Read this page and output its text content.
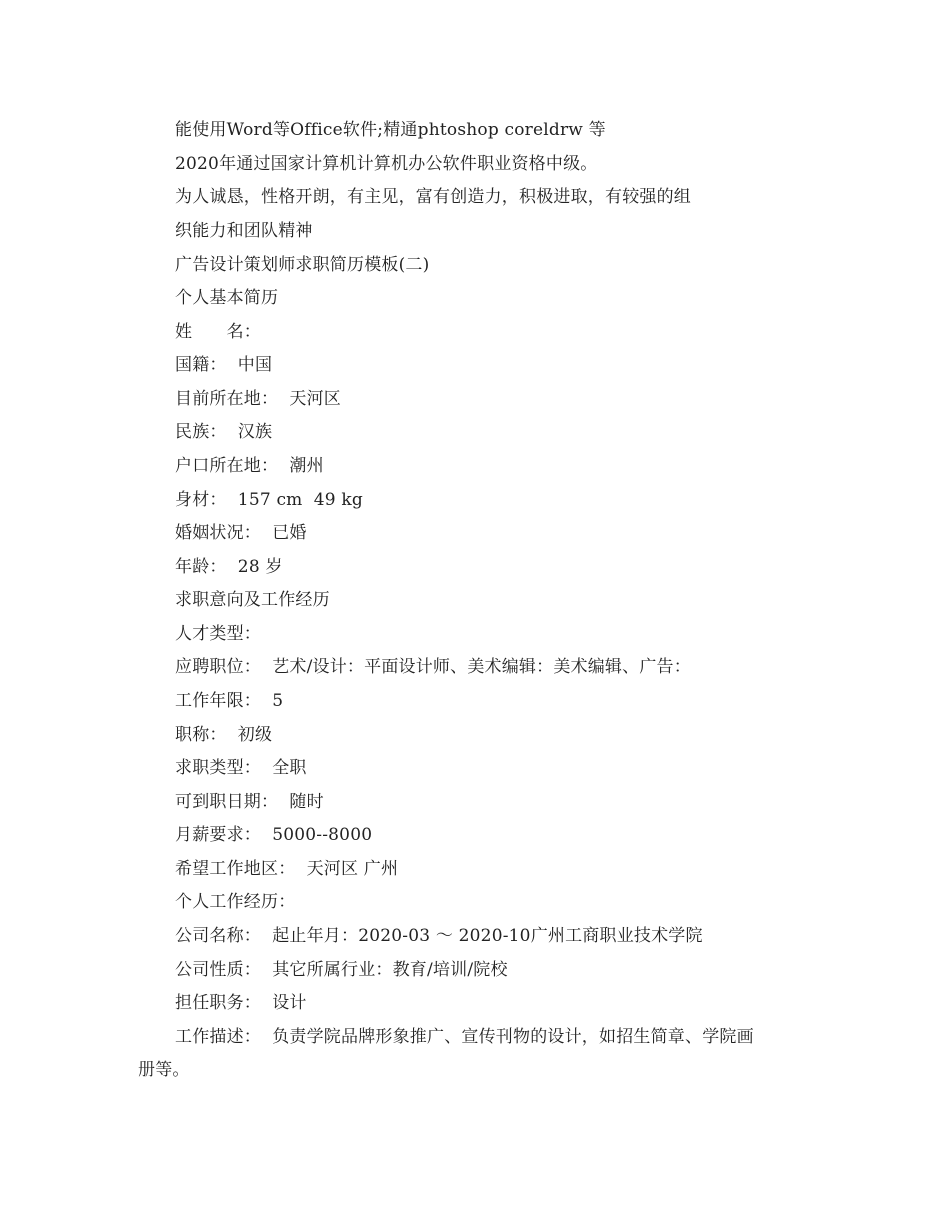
能使用Word等Office软件;精通phtoshop coreldrw 等
2020年通过国家计算机计算机办公软件职业资格中级。
为人诚恳，性格开朗，有主见，富有创造力，积极进取，有较强的组
织能力和团队精神
广告设计策划师求职简历模板(二)
个人基本简历
姓　　名：
国籍：  中国
目前所在地：  天河区
民族：  汉族
户口所在地：  潮州
身材：  157 cm  49 kg
婚姻状况：  已婚
年龄：  28 岁
求职意向及工作经历
人才类型：
应聘职位：  艺术/设计：平面设计师、美术编辑：美术编辑、广告：
工作年限：  5
职称：  初级
求职类型：  全职
可到职日期：  随时
月薪要求：  5000--8000
希望工作地区：  天河区 广州
个人工作经历：
公司名称：  起止年月：2020-03 ～ 2020-10广州工商职业技术学院
公司性质：  其它所属行业：教育/培训/院校
担任职务：  设计
工作描述：  负责学院品牌形象推广、宣传刊物的设计，如招生简章、学院画
册等。
